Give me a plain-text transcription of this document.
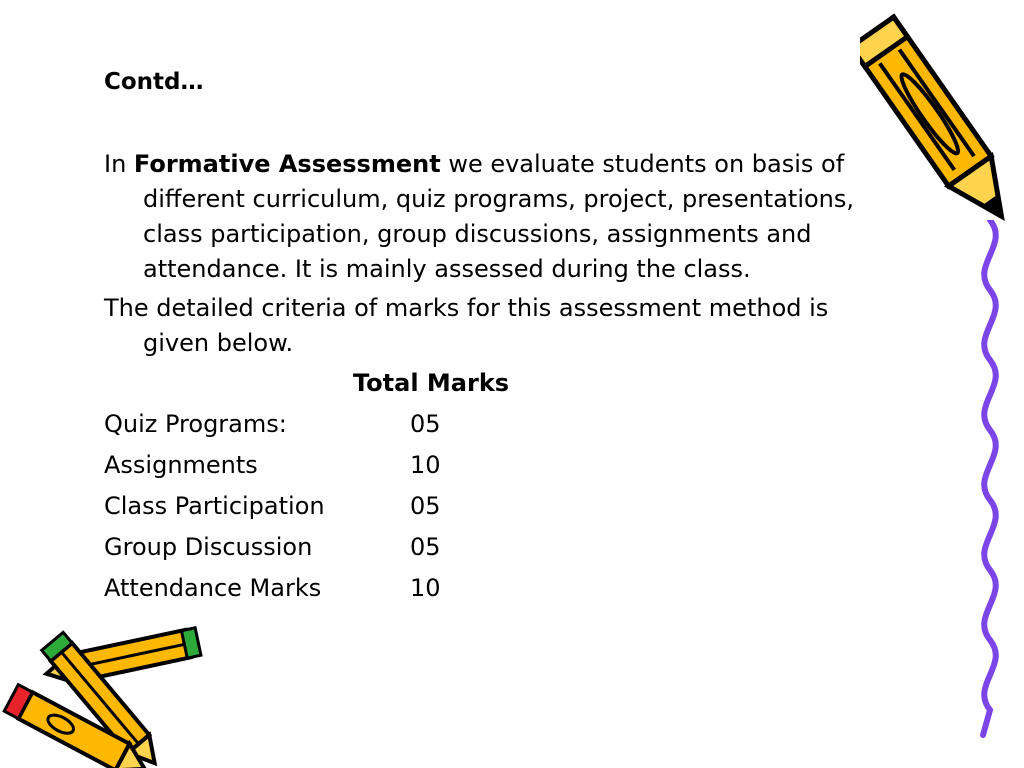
Contd…
In Formative Assessment we evaluate students on basis of
different curriculum, quiz programs, project, presentations,
class participation, group discussions, assignments and
attendance. It is mainly assessed during the class.
The detailed criteria of marks for this assessment method is
given below.
Total Marks
Quiz Programs:	05
Assignments	10
Class Participation	05
Group Discussion	05
Attendance Marks	10
